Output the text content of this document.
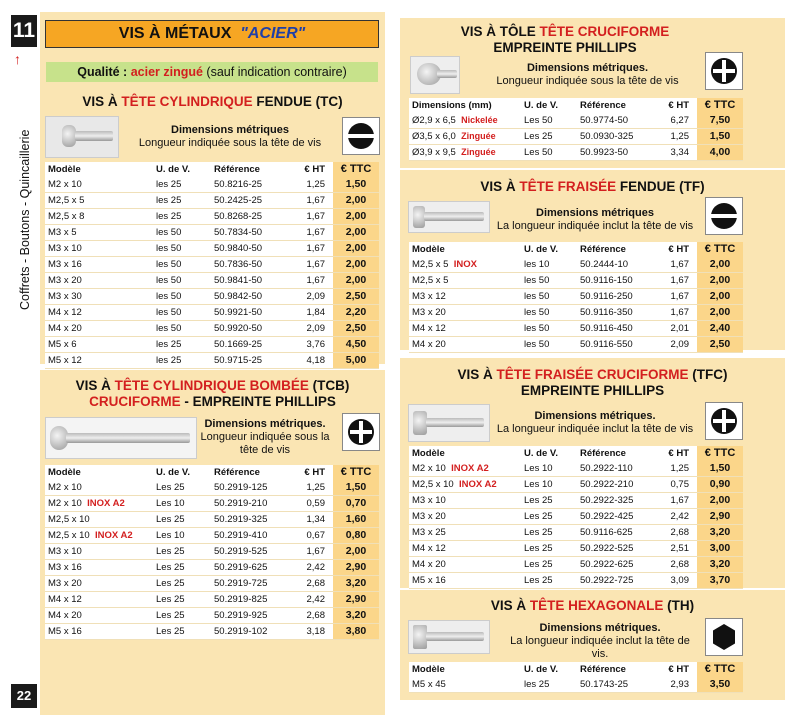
11
↑
Coffrets - Boutons - Quincaillerie
22
VIS À MÉTAUX "ACIER"
Qualité : acier zingué (sauf indication contraire)
VIS À TÊTE CYLINDRIQUE FENDUE (TC)
Dimensions métriques
Longueur indiquée sous la tête de vis
Modèle	U. de V.	Référence	€ HT	€ TTC
M2 x 10	les 25	50.8216-25	1,25	1,50
M2,5 x 5	les 25	50.2425-25	1,67	2,00
M2,5 x 8	les 25	50.8268-25	1,67	2,00
M3 x 5	les 50	50.7834-50	1,67	2,00
M3 x 10	les 50	50.9840-50	1,67	2,00
M3 x 16	les 50	50.7836-50	1,67	2,00
M3 x 20	les 50	50.9841-50	1,67	2,00
M3 x 30	les 50	50.9842-50	2,09	2,50
M4 x 12	les 50	50.9921-50	1,84	2,20
M4 x 20	les 50	50.9920-50	2,09	2,50
M5 x 6	les 25	50.1669-25	3,76	4,50
M5 x 12	les 25	50.9715-25	4,18	5,00
VIS À TÊTE CYLINDRIQUE BOMBÉE (TCB)
CRUCIFORME - EMPREINTE PHILLIPS
Dimensions métriques.
Longueur indiquée sous la tête de vis
Modèle	U. de V.	Référence	€ HT	€ TTC
M2 x 10	Les 25	50.2919-125	1,25	1,50
M2 x 10 INOX A2	Les 10	50.2919-210	0,59	0,70
M2,5 x 10	Les 25	50.2919-325	1,34	1,60
M2,5 x 10 INOX A2	Les 10	50.2919-410	0,67	0,80
M3 x 10	Les 25	50.2919-525	1,67	2,00
M3 x 16	Les 25	50.2919-625	2,42	2,90
M3 x 20	Les 25	50.2919-725	2,68	3,20
M4 x 12	Les 25	50.2919-825	2,42	2,90
M4 x 20	Les 25	50.2919-925	2,68	3,20
M5 x 16	Les 25	50.2919-102	3,18	3,80
VIS À TÔLE TÊTE CRUCIFORME
EMPREINTE PHILLIPS
Dimensions métriques.
Longueur indiquée sous la tête de vis
Dimensions (mm)	U. de V.	Référence	€ HT	€ TTC
Ø2,9 x 6,5 Nickelée	Les 50	50.9774-50	6,27	7,50
Ø3,5 x 6,0 Zinguée	Les 25	50.0930-325	1,25	1,50
Ø3,9 x 9,5 Zinguée	Les 50	50.9923-50	3,34	4,00
VIS À TÊTE FRAISÉE FENDUE (TF)
Dimensions métriques
La longueur indiquée inclut la tête de vis
Modèle	U. de V.	Référence	€ HT	€ TTC
M2,5 x 5 INOX	les 10	50.2444-10	1,67	2,00
M2,5 x 5	les 50	50.9116-150	1,67	2,00
M3 x 12	les 50	50.9116-250	1,67	2,00
M3 x 20	les 50	50.9116-350	1,67	2,00
M4 x 12	les 50	50.9116-450	2,01	2,40
M4 x 20	les 50	50.9116-550	2,09	2,50
VIS À TÊTE FRAISÉE CRUCIFORME (TFC)
EMPREINTE PHILLIPS
Dimensions métriques.
La longueur indiquée inclut la tête de vis
Modèle	U. de V.	Référence	€ HT	€ TTC
M2 x 10 INOX A2	Les 10	50.2922-110	1,25	1,50
M2,5 x 10 INOX A2	Les 10	50.2922-210	0,75	0,90
M3 x 10	Les 25	50.2922-325	1,67	2,00
M3 x 20	Les 25	50.2922-425	2,42	2,90
M3 x 25	Les 25	50.9116-625	2,68	3,20
M4 x 12	Les 25	50.2922-525	2,51	3,00
M4 x 20	Les 25	50.2922-625	2,68	3,20
M5 x 16	Les 25	50.2922-725	3,09	3,70
VIS À TÊTE HEXAGONALE (TH)
Dimensions métriques.
La longueur indiquée inclut la tête de vis.
Modèle	U. de V.	Référence	€ HT	€ TTC
M5 x 45	les 25	50.1743-25	2,93	3,50
